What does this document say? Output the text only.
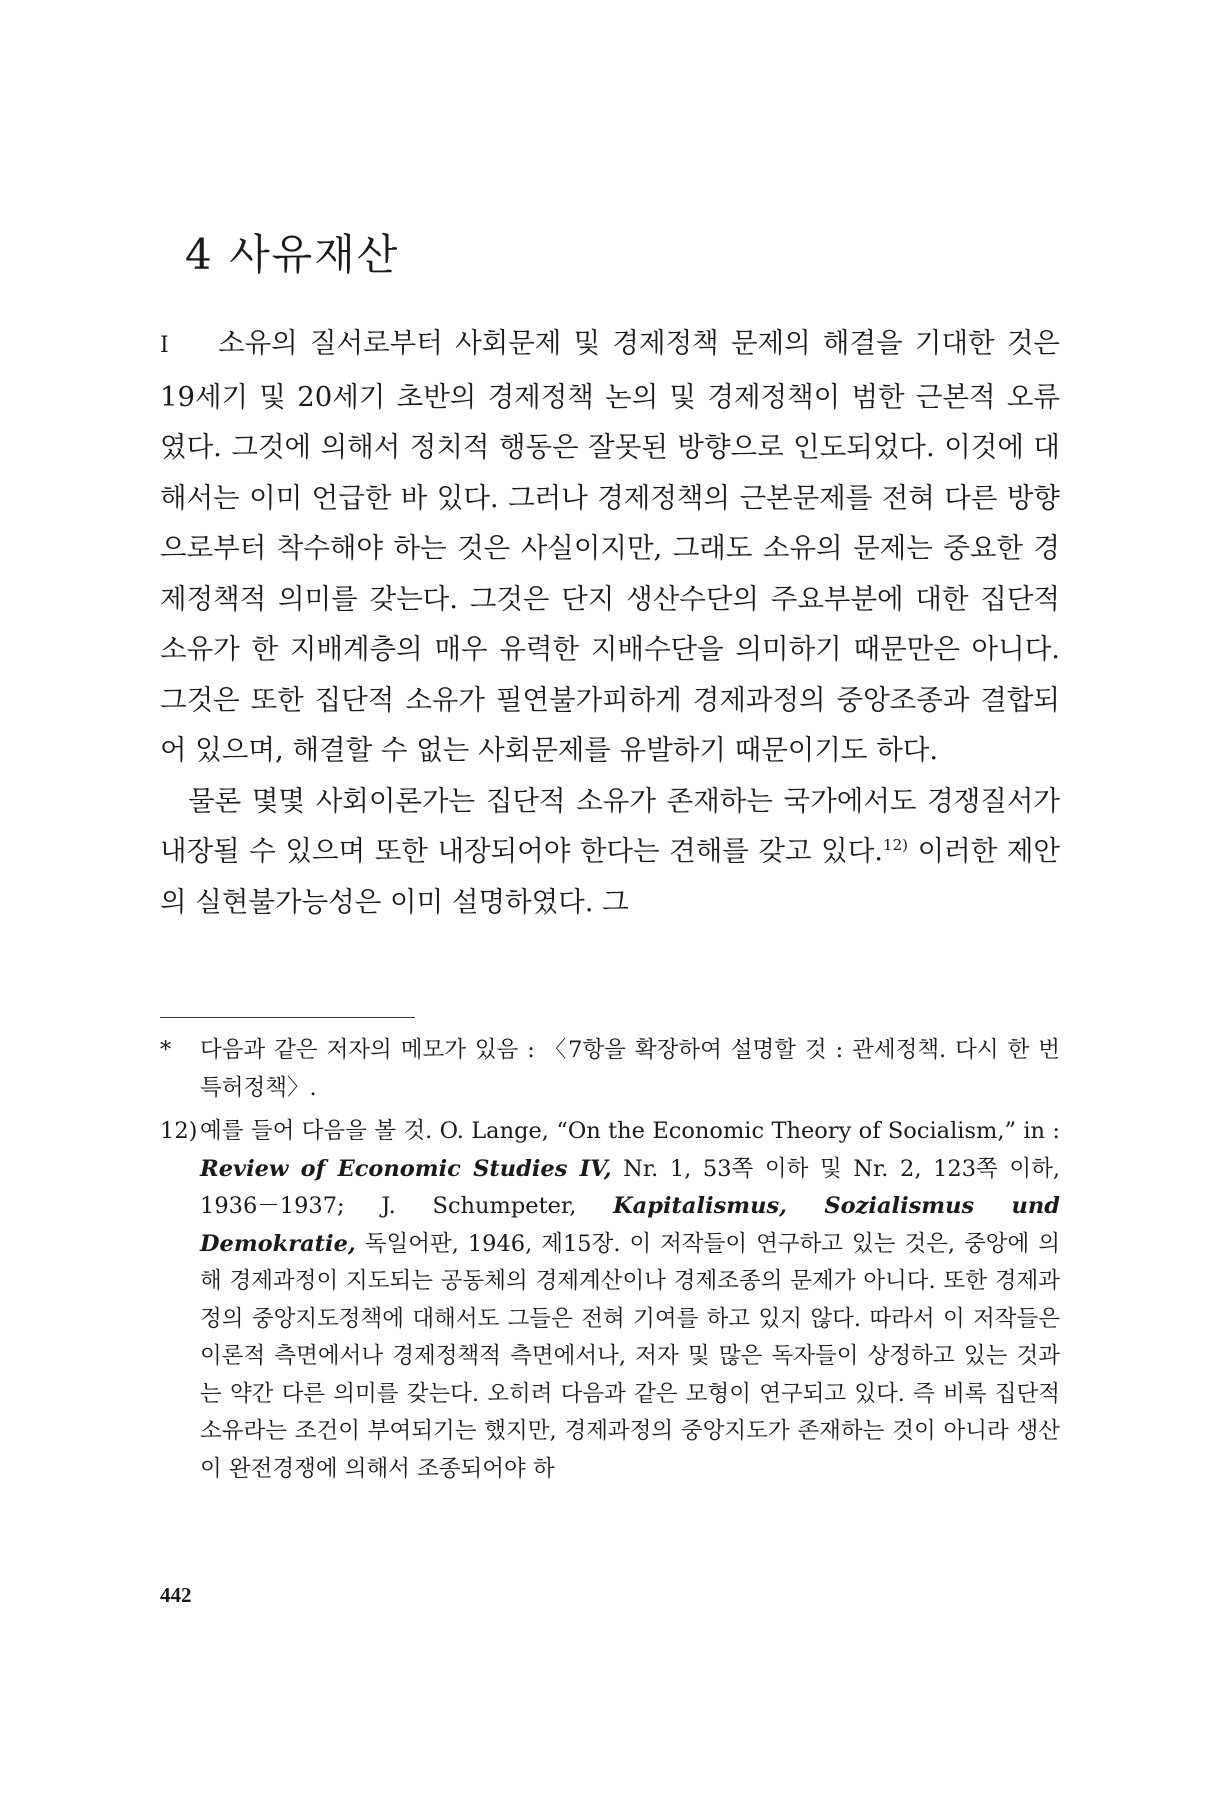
4 사유재산

I 소유의 질서로부터 사회문제 및 경제정책 문제의 해결을 기대한 것은 19세기 및 20세기 초반의 경제정책 논의 및 경제정책이 범한 근본적 오류였다. 그것에 의해서 정치적 행동은 잘못된 방향으로 인도되었다. 이것에 대해서는 이미 언급한 바 있다. 그러나 경제정책의 근본문제를 전혀 다른 방향으로부터 착수해야 하는 것은 사실이지만, 그래도 소유의 문제는 중요한 경제정책적 의미를 갖는다. 그것은 단지 생산수단의 주요부분에 대한 집단적 소유가 한 지배계층의 매우 유력한 지배수단을 의미하기 때문만은 아니다. 그것은 또한 집단적 소유가 필연불가피하게 경제과정의 중앙조종과 결합되어 있으며, 해결할 수 없는 사회문제를 유발하기 때문이기도 하다.

물론 몇몇 사회이론가는 집단적 소유가 존재하는 국가에서도 경쟁질서가 내장될 수 있으며 또한 내장되어야 한다는 견해를 갖고 있다.$^{12)}$ 이러한 제안의 실현불가능성은 이미 설명하였다. 그

* 다음과 같은 저자의 메모가 있음 : 〈7항을 확장하여 설명할 것 : 관세정책. 다시 한 번 특허정책〉.
12) 예를 들어 다음을 볼 것. O. Lange, “On the Economic Theory of Socialism,” in : Review of Economic Studies IV, Nr. 1, 53쪽 이하 및 Nr. 2, 123쪽 이하, 1936－1937; J. Schumpeter, Kapitalismus, Sozialismus und Demokratie, 독일어판, 1946, 제15장. 이 저작들이 연구하고 있는 것은, 중앙에 의해 경제과정이 지도되는 공동체의 경제계산이나 경제조종의 문제가 아니다. 또한 경제과정의 중앙지도정책에 대해서도 그들은 전혀 기여를 하고 있지 않다. 따라서 이 저작들은 이론적 측면에서나 경제정책적 측면에서나, 저자 및 많은 독자들이 상정하고 있는 것과는 약간 다른 의미를 갖는다. 오히려 다음과 같은 모형이 연구되고 있다. 즉 비록 집단적 소유라는 조건이 부여되기는 했지만, 경제과정의 중앙지도가 존재하는 것이 아니라 생산이 완전경쟁에 의해서 조종되어야 하
442
